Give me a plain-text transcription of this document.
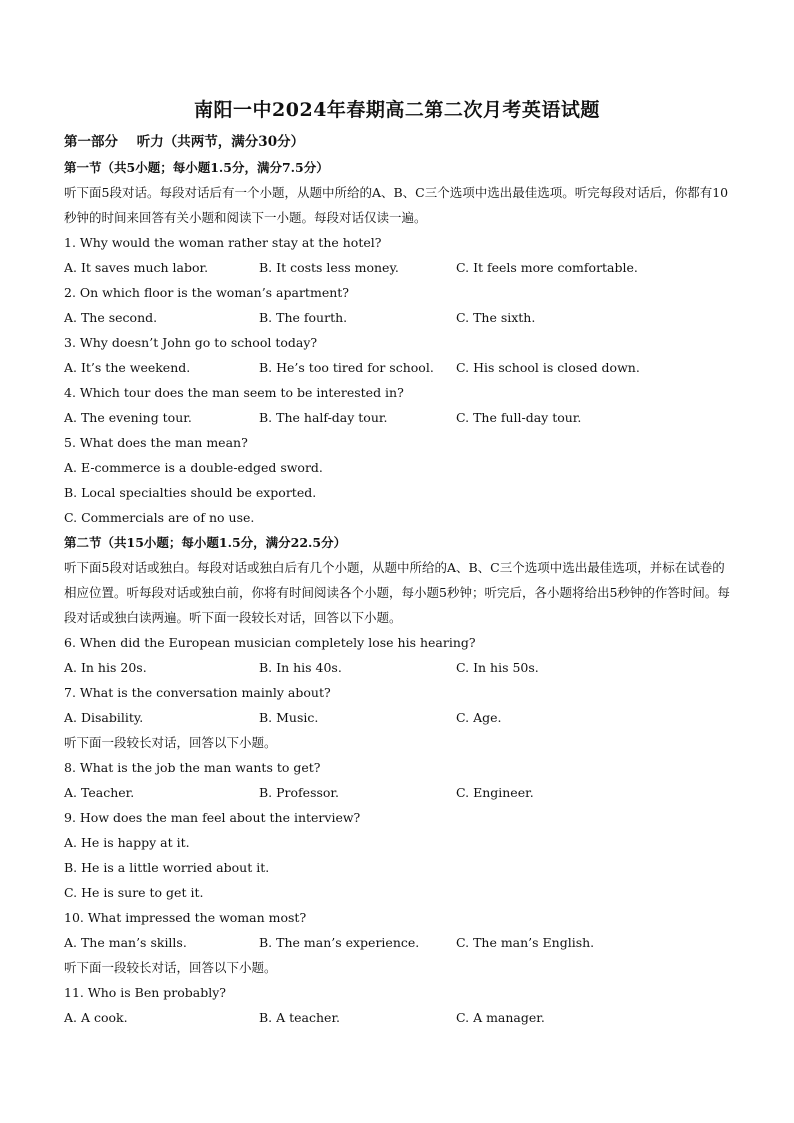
南阳一中2024年春期高二第二次月考英语试题
第一部分    听力（共两节，满分30分）
第一节（共5小题；每小题1.5分，满分7.5分）
听下面5段对话。每段对话后有一个小题，从题中所给的A、B、C三个选项中选出最佳选项。听完每段对话后，你都有10秒钟的时间来回答有关小题和阅读下一小题。每段对话仅读一遍。
1. Why would the woman rather stay at the hotel?
A. It saves much labor.	B. It costs less money.	C. It feels more comfortable.
2. On which floor is the woman’s apartment?
A. The second.	B. The fourth.	C. The sixth.
3. Why doesn’t John go to school today?
A. It’s the weekend.	B. He’s too tired for school.	C. His school is closed down.
4. Which tour does the man seem to be interested in?
A. The evening tour.	B. The half-day tour.	C. The full-day tour.
5. What does the man mean?
A. E-commerce is a double-edged sword.
B. Local specialties should be exported.
C. Commercials are of no use.
第二节（共15小题；每小题1.5分，满分22.5分）
听下面5段对话或独白。每段对话或独白后有几个小题，从题中所给的A、B、C三个选项中选出最佳选项，并标在试卷的相应位置。听每段对话或独白前，你将有时间阅读各个小题，每小题5秒钟；听完后，各小题将给出5秒钟的作答时间。每段对话或独白读两遍。听下面一段较长对话，回答以下小题。
6. When did the European musician completely lose his hearing?
A. In his 20s.	B. In his 40s.	C. In his 50s.
7. What is the conversation mainly about?
A. Disability.	B. Music.	C. Age.
听下面一段较长对话，回答以下小题。
8. What is the job the man wants to get?
A. Teacher.	B. Professor.	C. Engineer.
9. How does the man feel about the interview?
A. He is happy at it.
B. He is a little worried about it.
C. He is sure to get it.
10. What impressed the woman most?
A. The man’s skills.	B. The man’s experience.	C. The man’s English.
听下面一段较长对话，回答以下小题。
11. Who is Ben probably?
A. A cook.	B. A teacher.	C. A manager.
